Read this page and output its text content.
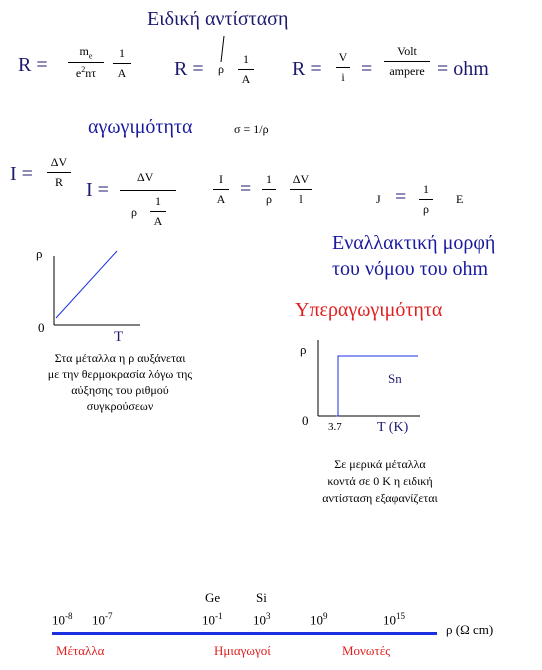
Ειδική αντίσταση
R =
$m_e$
$e^2n\tau$
1
A R = ρ
1
A R =
V
i =
Volt
ampere = ohm
αγωγιμότητα	σ = 1/ρ
I =
ΔV
R	I =
ΔV
ρ
1
A
I
A =	1
ρ
ΔV
l	J =	1
ρ
E
Εναλλακτική μορφή
του νόμου του ohm
ρ
0
T
Στα μέταλλα η ρ αυξάνεται
με την θερμοκρασία λόγω της
αύξησης του ριθμού
συγκρούσεων
Υπεραγωγιμότητα
ρ
0 3.7	T (K)
Sn
Σε μερικά μέταλλα
κοντά σε 0 K η ειδική
αντίσταση εξαφανίζεται
Ge	Si
$10^{-8}$ $10^{-7}$	$10^{-1}$ $10^3$	$10^9$	$10^{15}$
ρ (Ω cm)
Μέταλλα	Ημιαγωγοί	Μονωτές
